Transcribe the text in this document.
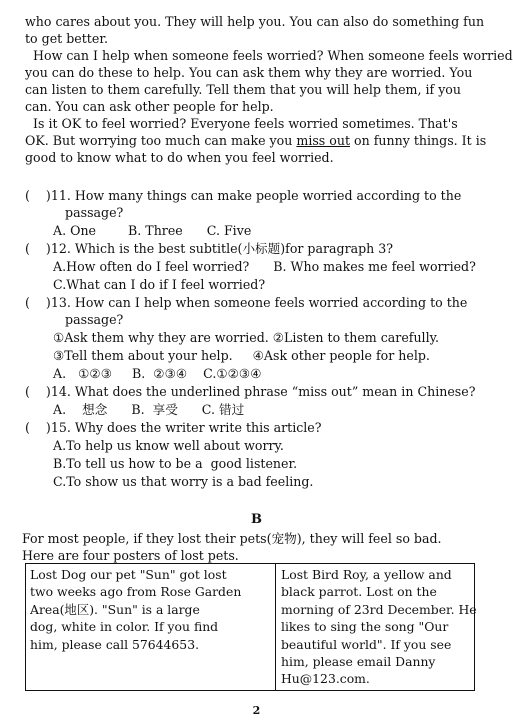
who cares about you. They will help you. You can also do something fun
to get better.
How can I help when someone feels worried? When someone feels worried
you can do these to help. You can ask them why they are worried. You
can listen to them carefully. Tell them that you will help them, if you
can. You can ask other people for help.
Is it OK to feel worried? Everyone feels worried sometimes. That's
OK. But worrying too much can make you miss out on funny things. It is
good to know what to do when you feel worried.
(    )11. How many things can make people worried according to the
passage?
A. One        B. Three      C. Five
(    )12. Which is the best subtitle(小标题)for paragraph 3?
A.How often do I feel worried?      B. Who makes me feel worried?
C.What can I do if I feel worried?
(    )13. How can I help when someone feels worried according to the
passage?
①Ask them why they are worried. ②Listen to them carefully.
③Tell them about your help.     ④Ask other people for help.
A.   ①②③     B.  ②③④    C.①②③④
(    )14. What does the underlined phrase “miss out” mean in Chinese?
A.    想念      B.  享受      C. 错过
(    )15. Why does the writer write this article?
A.To help us know well about worry.
B.To tell us how to be a  good listener.
C.To show us that worry is a bad feeling.
B
For most people, if they lost their pets(宠物), they will feel so bad.
Here are four posters of lost pets.
Lost Dog our pet "Sun" got lost
two weeks ago from Rose Garden
Area(地区). "Sun" is a large
dog, white in color. If you find
him, please call 57644653.
Lost Bird Roy, a yellow and
black parrot. Lost on the
morning of 23rd December. He
likes to sing the song "Our
beautiful world". If you see
him, please email Danny
Hu@123.com.
2
